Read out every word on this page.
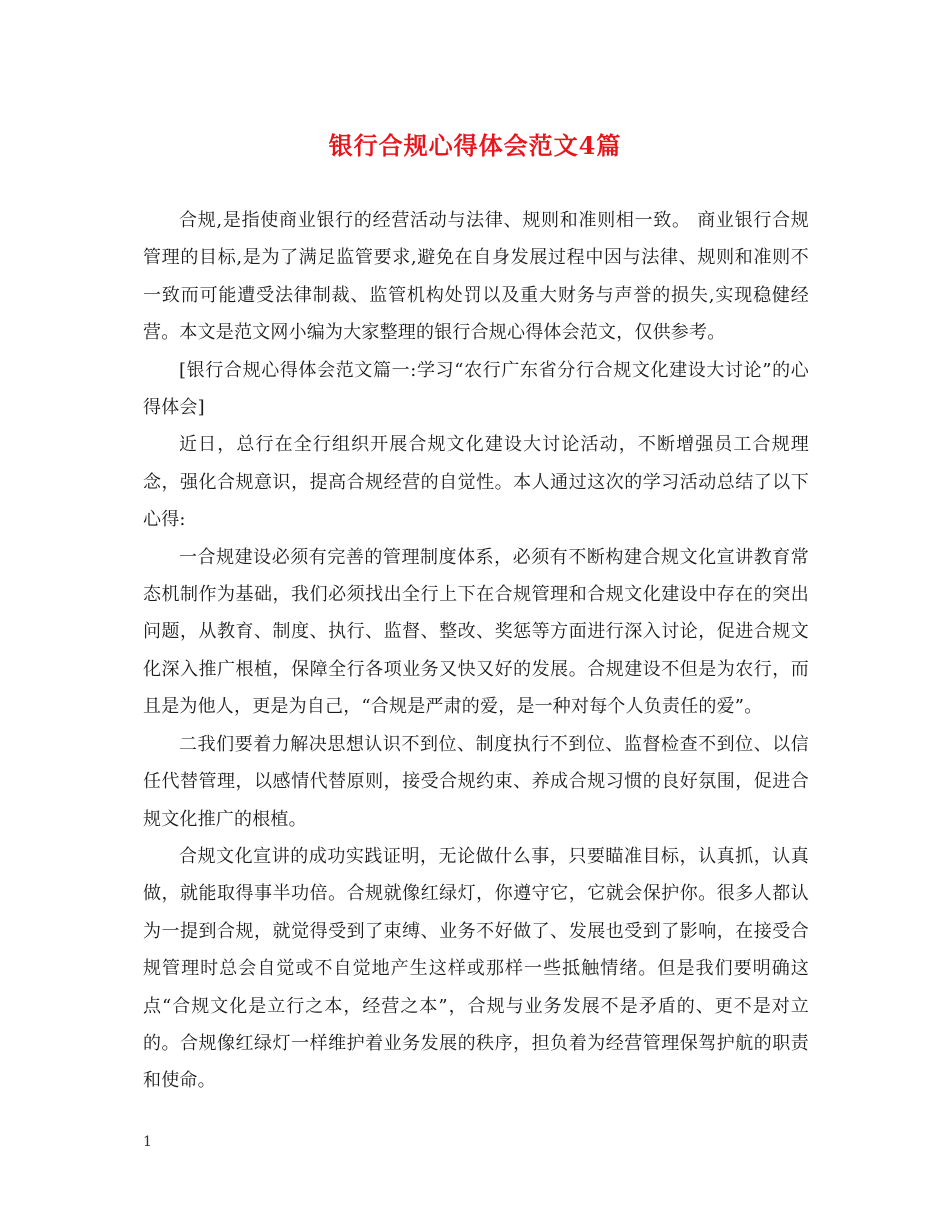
银行合规心得体会范文4篇

合规,是指使商业银行的经营活动与法律、规则和准则相一致。 商业银行合规管理的目标,是为了满足监管要求,避免在自身发展过程中因与法律、规则和准则不一致而可能遭受法律制裁、监管机构处罚以及重大财务与声誉的损失,实现稳健经营。本文是范文网小编为大家整理的银行合规心得体会范文，仅供参考。

[银行合规心得体会范文篇一:学习“农行广东省分行合规文化建设大讨论”的心得体会]

近日，总行在全行组织开展合规文化建设大讨论活动，不断增强员工合规理念，强化合规意识，提高合规经营的自觉性。本人通过这次的学习活动总结了以下心得:

一合规建设必须有完善的管理制度体系，必须有不断构建合规文化宣讲教育常态机制作为基础，我们必须找出全行上下在合规管理和合规文化建设中存在的突出问题，从教育、制度、执行、监督、整改、奖惩等方面进行深入讨论，促进合规文化深入推广根植，保障全行各项业务又快又好的发展。合规建设不但是为农行，而且是为他人，更是为自己，“合规是严肃的爱，是一种对每个人负责任的爱”。

二我们要着力解决思想认识不到位、制度执行不到位、监督检查不到位、以信任代替管理，以感情代替原则，接受合规约束、养成合规习惯的良好氛围，促进合规文化推广的根植。

合规文化宣讲的成功实践证明，无论做什么事，只要瞄准目标，认真抓，认真做，就能取得事半功倍。合规就像红绿灯，你遵守它，它就会保护你。很多人都认为一提到合规，就觉得受到了束缚、业务不好做了、发展也受到了影响，在接受合规管理时总会自觉或不自觉地产生这样或那样一些抵触情绪。但是我们要明确这点“合规文化是立行之本，经营之本”，合规与业务发展不是矛盾的、更不是对立的。合规像红绿灯一样维护着业务发展的秩序，担负着为经营管理保驾护航的职责和使命。

1
